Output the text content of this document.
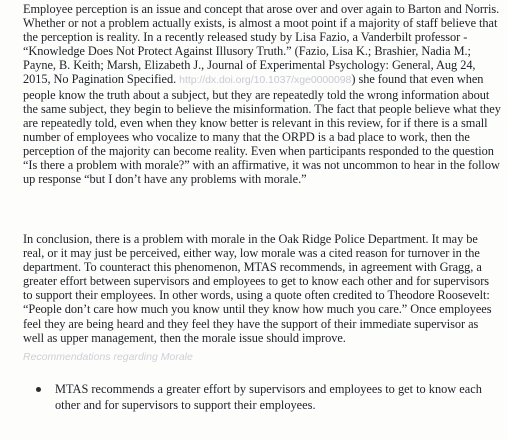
Employee perception is an issue and concept that arose over and over again to Barton and Norris. Whether or not a problem actually exists, is almost a moot point if a majority of staff believe that the perception is reality. In a recently released study by Lisa Fazio, a Vanderbilt professor - “Knowledge Does Not Protect Against Illusory Truth.” (Fazio, Lisa K.; Brashier, Nadia M.; Payne, B. Keith; Marsh, Elizabeth J., Journal of Experimental Psychology: General, Aug 24, 2015, No Pagination Specified. http://dx.doi.org/10.1037/xge0000098) she found that even when people know the truth about a subject, but they are repeatedly told the wrong information about the same subject, they begin to believe the misinformation. The fact that people believe what they are repeatedly told, even when they know better is relevant in this review, for if there is a small number of employees who vocalize to many that the ORPD is a bad place to work, then the perception of the majority can become reality. Even when participants responded to the question “Is there a problem with morale?” with an affirmative, it was not uncommon to hear in the follow up response “but I don’t have any problems with morale.”

In conclusion, there is a problem with morale in the Oak Ridge Police Department. It may be real, or it may just be perceived, either way, low morale was a cited reason for turnover in the department. To counteract this phenomenon, MTAS recommends, in agreement with Gragg, a greater effort between supervisors and employees to get to know each other and for supervisors to support their employees. In other words, using a quote often credited to Theodore Roosevelt: “People don’t care how much you know until they know how much you care.” Once employees feel they are being heard and they feel they have the support of their immediate supervisor as well as upper management, then the morale issue should improve.

Recommendations regarding Morale

MTAS recommends a greater effort by supervisors and employees to get to know each other and for supervisors to support their employees.
